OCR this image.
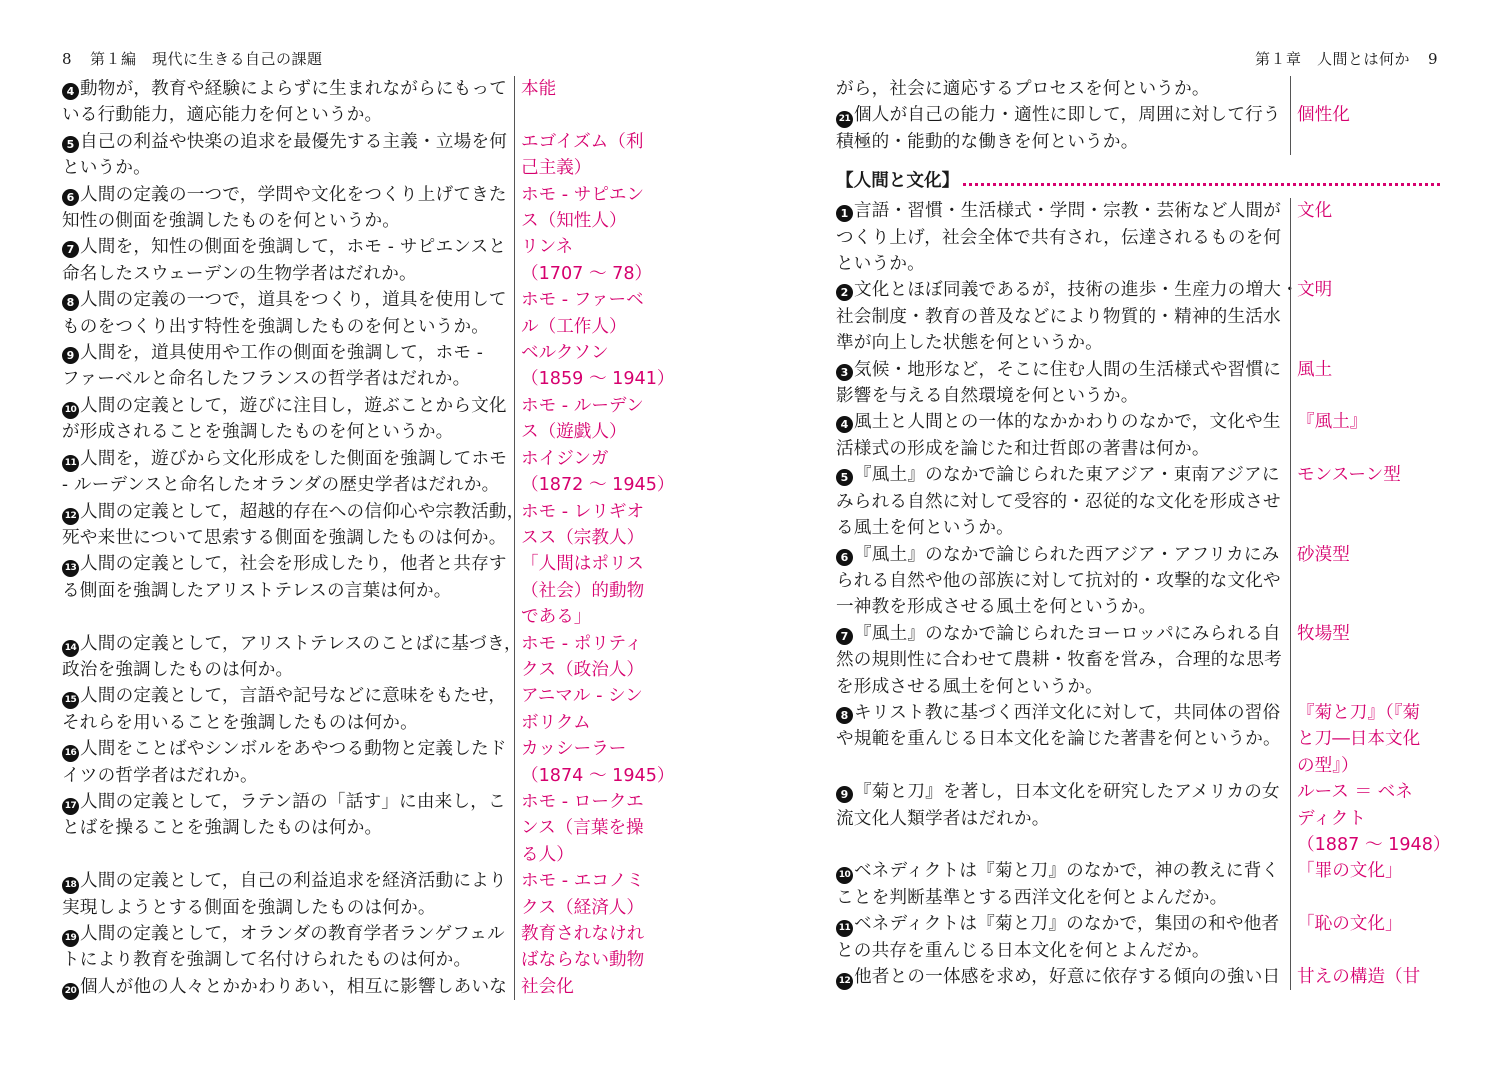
8 第１編　現代に生きる自己の課題
4 動物が，教育や経験によらずに生まれながらにもって
いる行動能力，適応能力を何というか。
本能
5 自己の利益や快楽の追求を最優先する主義・立場を何
というか。
エゴイズム（利
己主義）
6 人間の定義の一つで，学問や文化をつくり上げてきた
知性の側面を強調したものを何というか。
ホモ - サピエン
ス（知性人）
7 人間を，知性の側面を強調して，ホモ - サピエンスと
命名したスウェーデンの生物学者はだれか。
リンネ
（1707 ～ 78）
8 人間の定義の一つで，道具をつくり，道具を使用して
ものをつくり出す特性を強調したものを何というか。
ホモ - ファーベ
ル（工作人）
9 人間を，道具使用や工作の側面を強調して，ホモ -
ファーベルと命名したフランスの哲学者はだれか。
ベルクソン
（1859 ～ 1941）
10 人間の定義として，遊びに注目し，遊ぶことから文化
が形成されることを強調したものを何というか。
ホモ - ルーデン
ス（遊戯人）
11 人間を，遊びから文化形成をした側面を強調してホモ
- ルーデンスと命名したオランダの歴史学者はだれか。
ホイジンガ
（1872 ～ 1945）
12 人間の定義として，超越的存在への信仰心や宗教活動，
死や来世について思索する側面を強調したものは何か。
ホモ - レリギオ
スス（宗教人）
13 人間の定義として，社会を形成したり，他者と共存す
る側面を強調したアリストテレスの言葉は何か。

「人間はポリス
（社会）的動物
である」
14 人間の定義として，アリストテレスのことばに基づき，
政治を強調したものは何か。
ホモ - ポリティ
クス（政治人）
15 人間の定義として，言語や記号などに意味をもたせ，
それらを用いることを強調したものは何か。
アニマル - シン
ボリクム
16 人間をことばやシンボルをあやつる動物と定義したド
イツの哲学者はだれか。
カッシーラー
（1874 ～ 1945）
17 人間の定義として，ラテン語の「話す」に由来し，こ
とばを操ることを強調したものは何か。

ホモ - ロークエ
ンス（言葉を操
る人）
18 人間の定義として，自己の利益追求を経済活動により
実現しようとする側面を強調したものは何か。
ホモ - エコノミ
クス（経済人）
19 人間の定義として，オランダの教育学者ランゲフェル
トにより教育を強調して名付けられたものは何か。
教育されなけれ
ばならない動物
20 個人が他の人々とかかわりあい，相互に影響しあいな 社会化
第１章　人間とは何か 9
がら，社会に適応するプロセスを何というか。
21 個人が自己の能力・適性に即して，周囲に対して行う
積極的・能動的な働きを何というか。
個性化

【人間と文化】
1 言語・習慣・生活様式・学問・宗教・芸術など人間が
つくり上げ，社会全体で共有され，伝達されるものを何
というか。
文化

2 文化とほぼ同義であるが，技術の進歩・生産力の増大・
社会制度・教育の普及などにより物質的・精神的生活水
準が向上した状態を何というか。
文明

3 気候・地形など，そこに住む人間の生活様式や習慣に
影響を与える自然環境を何というか。
風土

4 風土と人間との一体的なかかわりのなかで，文化や生
活様式の形成を論じた和辻哲郎の著書は何か。
『風土』

5 『風土』のなかで論じられた東アジア・東南アジアに
みられる自然に対して受容的・忍従的な文化を形成させ
る風土を何というか。
モンスーン型

6 『風土』のなかで論じられた西アジア・アフリカにみ
られる自然や他の部族に対して抗対的・攻撃的な文化や
一神教を形成させる風土を何というか。
砂漠型

7 『風土』のなかで論じられたヨーロッパにみられる自
然の規則性に合わせて農耕・牧畜を営み，合理的な思考
を形成させる風土を何というか。
牧場型

8 キリスト教に基づく西洋文化に対して，共同体の習俗
や規範を重んじる日本文化を論じた著書を何というか。

『菊と刀』（『菊
と刀―日本文化
の型』）
9 『菊と刀』を著し，日本文化を研究したアメリカの女
流文化人類学者はだれか。

ルース ＝ ベネ
ディクト
（1887 ～ 1948）
10 ベネディクトは『菊と刀』のなかで，神の教えに背く
ことを判断基準とする西洋文化を何とよんだか。
「罪の文化」

11 ベネディクトは『菊と刀』のなかで，集団の和や他者
との共存を重んじる日本文化を何とよんだか。
「恥の文化」

12 他者との一体感を求め，好意に依存する傾向の強い日 甘えの構造（甘
